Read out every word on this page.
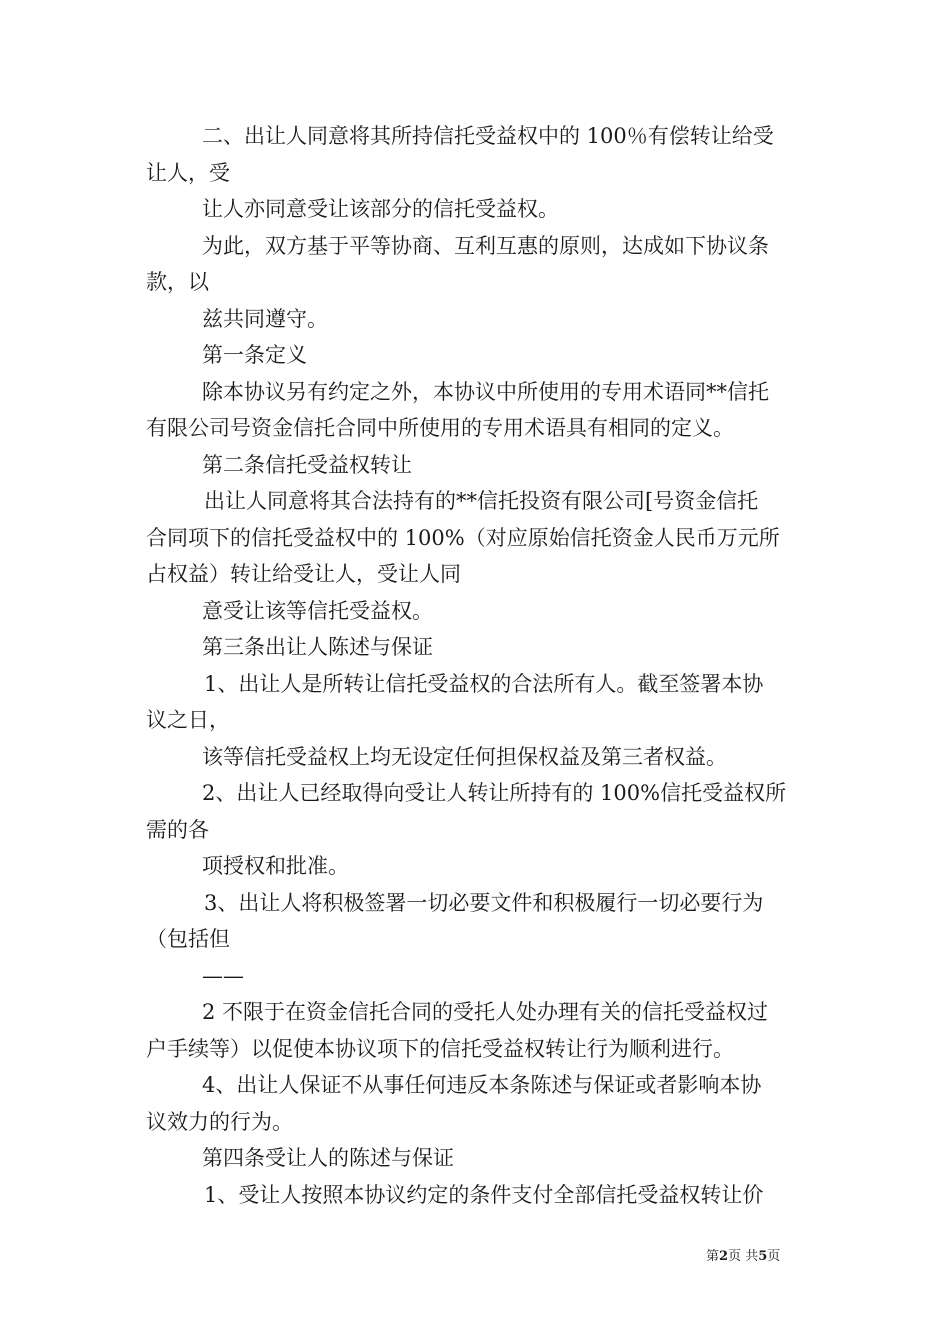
二、出让人同意将其所持信托受益权中的 100％有偿转让给受

让人，受

让人亦同意受让该部分的信托受益权。

为此，双方基于平等协商、互利互惠的原则，达成如下协议条

款，以

兹共同遵守。

第一条定义

除本协议另有约定之外，本协议中所使用的专用术语同**信托

有限公司号资金信托合同中所使用的专用术语具有相同的定义。

第二条信托受益权转让

出让人同意将其合法持有的**信托投资有限公司[号资金信托

合同项下的信托受益权中的 100%（对应原始信托资金人民币万元所

占权益）转让给受让人，受让人同

意受让该等信托受益权。

第三条出让人陈述与保证

1、出让人是所转让信托受益权的合法所有人。截至签署本协

议之日，

该等信托受益权上均无设定任何担保权益及第三者权益。

2、出让人已经取得向受让人转让所持有的 100%信托受益权所

需的各

项授权和批准。

3、出让人将积极签署一切必要文件和积极履行一切必要行为

（包括但

——

2 不限于在资金信托合同的受托人处办理有关的信托受益权过

户手续等）以促使本协议项下的信托受益权转让行为顺利进行。

4、出让人保证不从事任何违反本条陈述与保证或者影响本协

议效力的行为。

第四条受让人的陈述与保证

1、受让人按照本协议约定的条件支付全部信托受益权转让价

第2页 共5页
